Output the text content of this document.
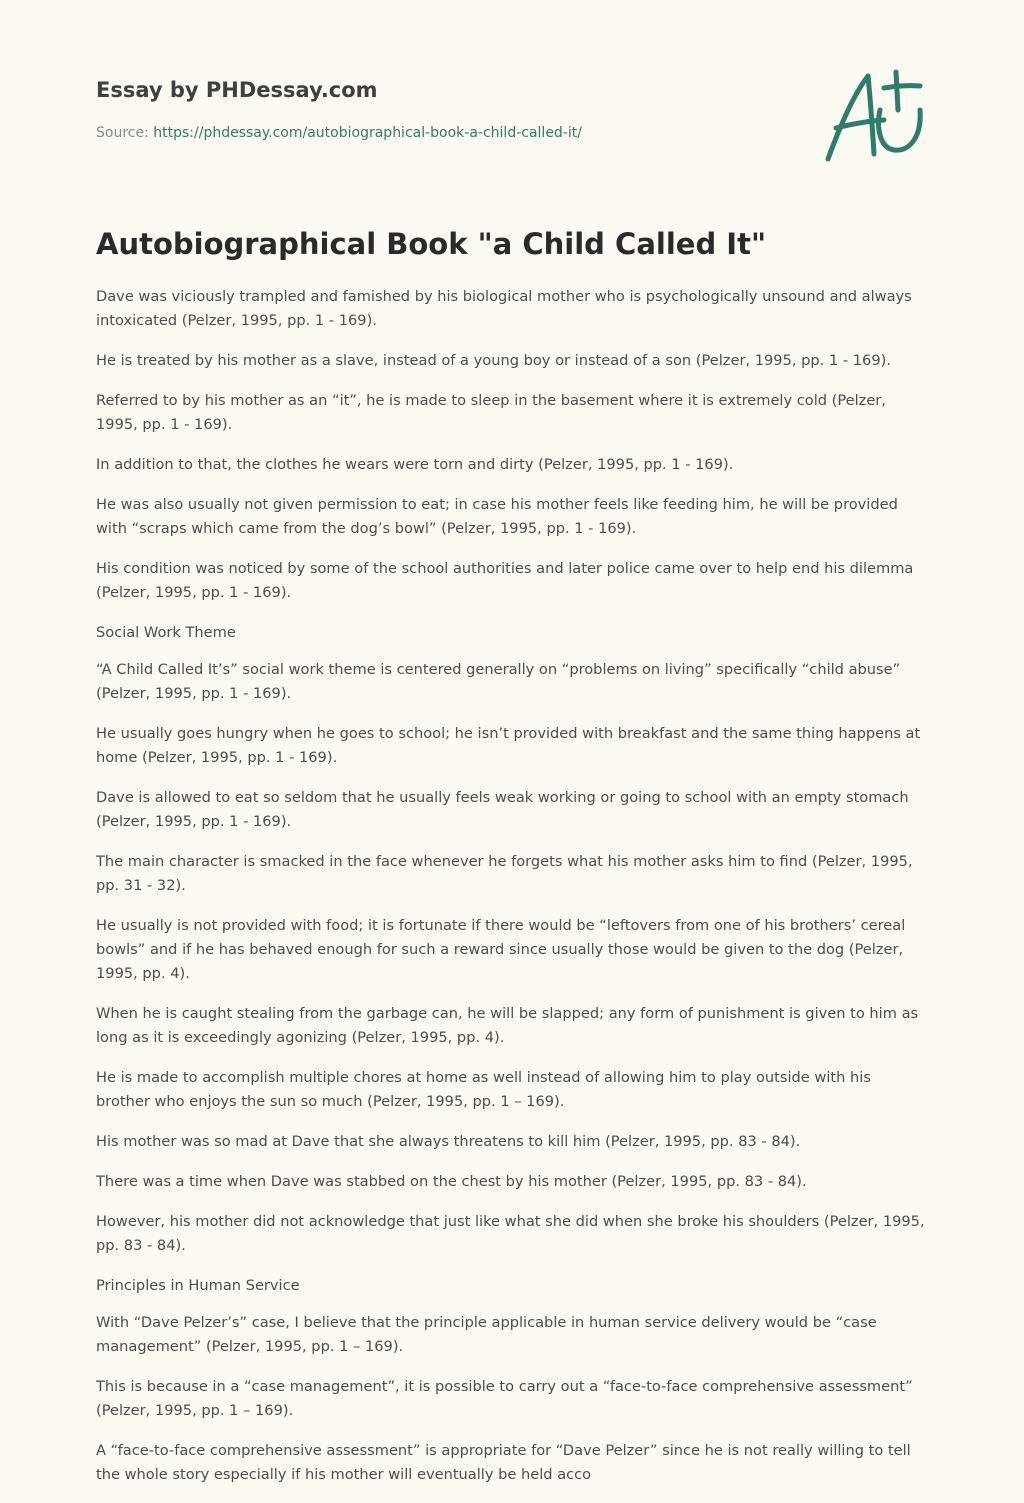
Essay by PHDessay.com
Source: https://phdessay.com/autobiographical-book-a-child-called-it/
Autobiographical Book "a Child Called It"

Dave was viciously trampled and famished by his biological mother who is psychologically unsound and always intoxicated (Pelzer, 1995, pp. 1 - 169).

He is treated by his mother as a slave, instead of a young boy or instead of a son (Pelzer, 1995, pp. 1 - 169).

Referred to by his mother as an “it”, he is made to sleep in the basement where it is extremely cold (Pelzer, 1995, pp. 1 - 169).

In addition to that, the clothes he wears were torn and dirty (Pelzer, 1995, pp. 1 - 169).

He was also usually not given permission to eat; in case his mother feels like feeding him, he will be provided with “scraps which came from the dog’s bowl” (Pelzer, 1995, pp. 1 - 169).

His condition was noticed by some of the school authorities and later police came over to help end his dilemma (Pelzer, 1995, pp. 1 - 169).

Social Work Theme

“A Child Called It’s” social work theme is centered generally on “problems on living” specifically “child abuse” (Pelzer, 1995, pp. 1 - 169).

He usually goes hungry when he goes to school; he isn’t provided with breakfast and the same thing happens at home (Pelzer, 1995, pp. 1 - 169).

Dave is allowed to eat so seldom that he usually feels weak working or going to school with an empty stomach (Pelzer, 1995, pp. 1 - 169).

The main character is smacked in the face whenever he forgets what his mother asks him to find (Pelzer, 1995, pp. 31 - 32).

He usually is not provided with food; it is fortunate if there would be “leftovers from one of his brothers’ cereal bowls” and if he has behaved enough for such a reward since usually those would be given to the dog (Pelzer, 1995, pp. 4).

When he is caught stealing from the garbage can, he will be slapped; any form of punishment is given to him as long as it is exceedingly agonizing (Pelzer, 1995, pp. 4).

He is made to accomplish multiple chores at home as well instead of allowing him to play outside with his brother who enjoys the sun so much (Pelzer, 1995, pp. 1 – 169).

His mother was so mad at Dave that she always threatens to kill him (Pelzer, 1995, pp. 83 - 84).

There was a time when Dave was stabbed on the chest by his mother (Pelzer, 1995, pp. 83 - 84).

However, his mother did not acknowledge that just like what she did when she broke his shoulders (Pelzer, 1995, pp. 83 - 84).

Principles in Human Service

With “Dave Pelzer’s” case, I believe that the principle applicable in human service delivery would be “case management” (Pelzer, 1995, pp. 1 – 169).

This is because in a “case management”, it is possible to carry out a “face-to-face comprehensive assessment” (Pelzer, 1995, pp. 1 – 169).

A “face-to-face comprehensive assessment” is appropriate for “Dave Pelzer” since he is not really willing to tell the whole story especially if his mother will eventually be held acco
